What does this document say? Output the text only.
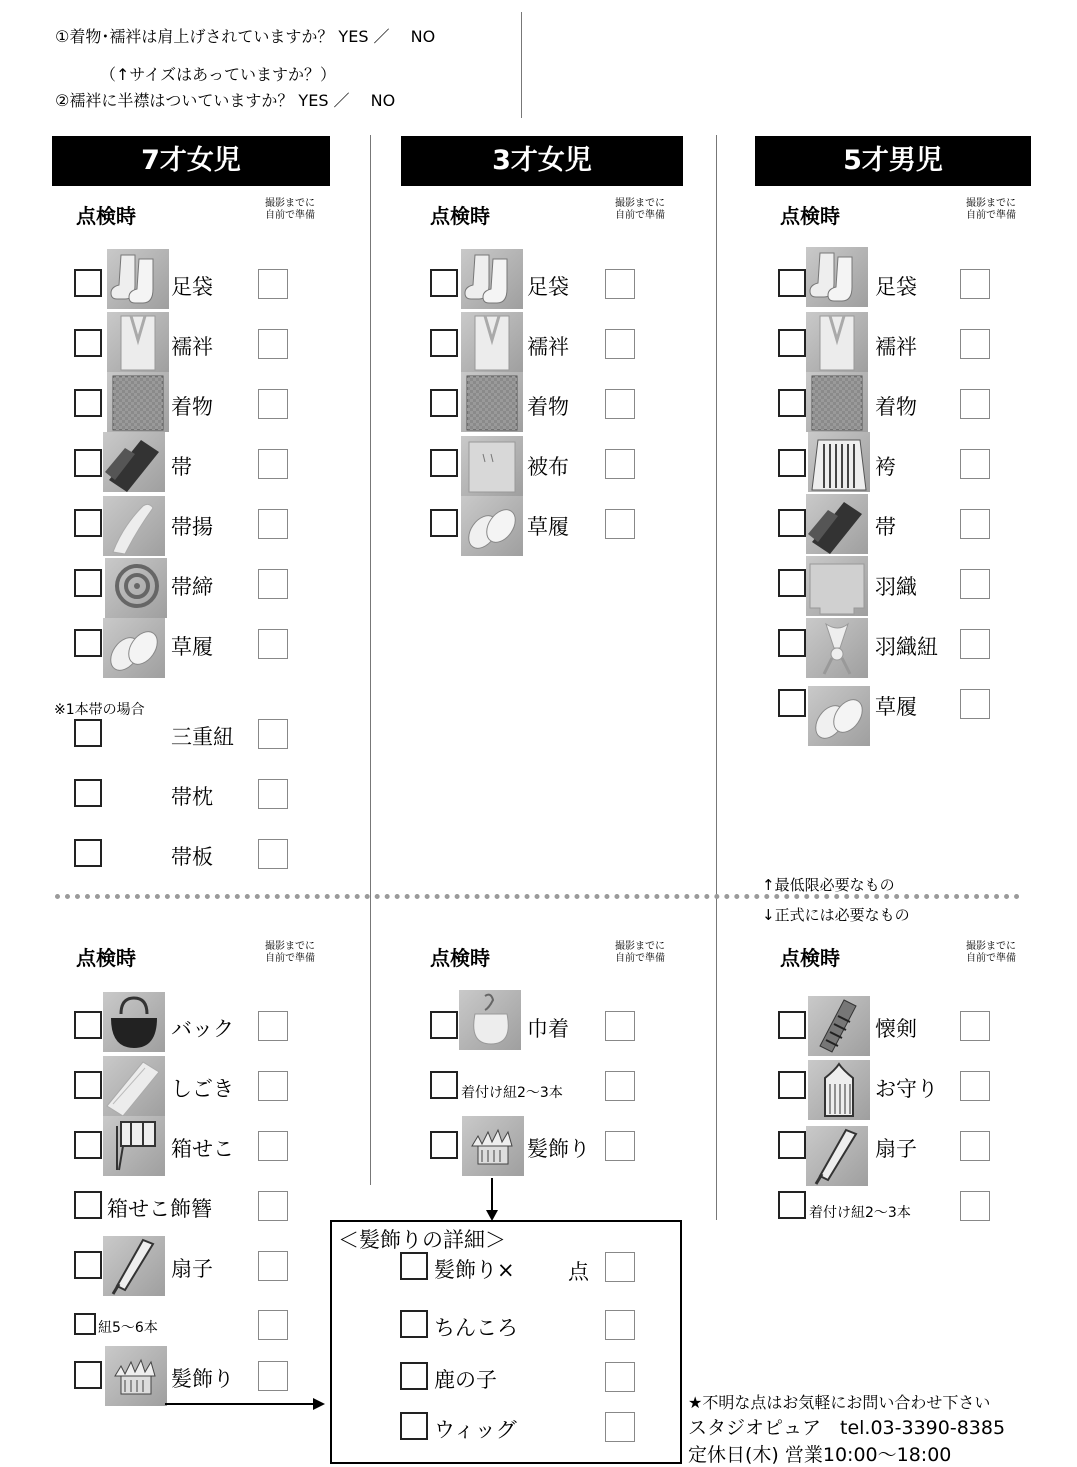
①着物･襦袢は肩上げされていますか？ YES ／　 NO
（↑サイズはあっていますか？）
②襦袢に半襟はついていますか？ YES ／　 NO
7才女児	3才女児	5才男児
点検時
撮影までに
自前で準備	点検時
撮影までに
自前で準備	点検時
撮影までに
自前で準備
足袋
襦袢
着物
帯
帯揚
帯締
草履
※1本帯の場合
三重紐
帯枕
帯板
足袋
襦袢
着物
被布
草履
足袋
襦袢
着物
袴
帯
羽織
羽織紐
草履
↑最低限必要なもの
↓正式には必要なもの
点検時	撮影までに
自前で準備	点検時	撮影までに
自前で準備	点検時	撮影までに
自前で準備
バック
しごき
箱せこ
箱せこ飾簪
扇子
紐5～6本
髪飾り
巾着
着付け紐2～3本
髪飾り
懐剣
お守り
扇子
着付け紐2～3本
＜髪飾りの詳細＞
髪飾り×	点
ちんころ
鹿の子
ウィッグ
★不明な点はお気軽にお問い合わせ下さい
スタジオピュア　tel.03-3390-8385
定休日(木) 営業10:00～18:00
